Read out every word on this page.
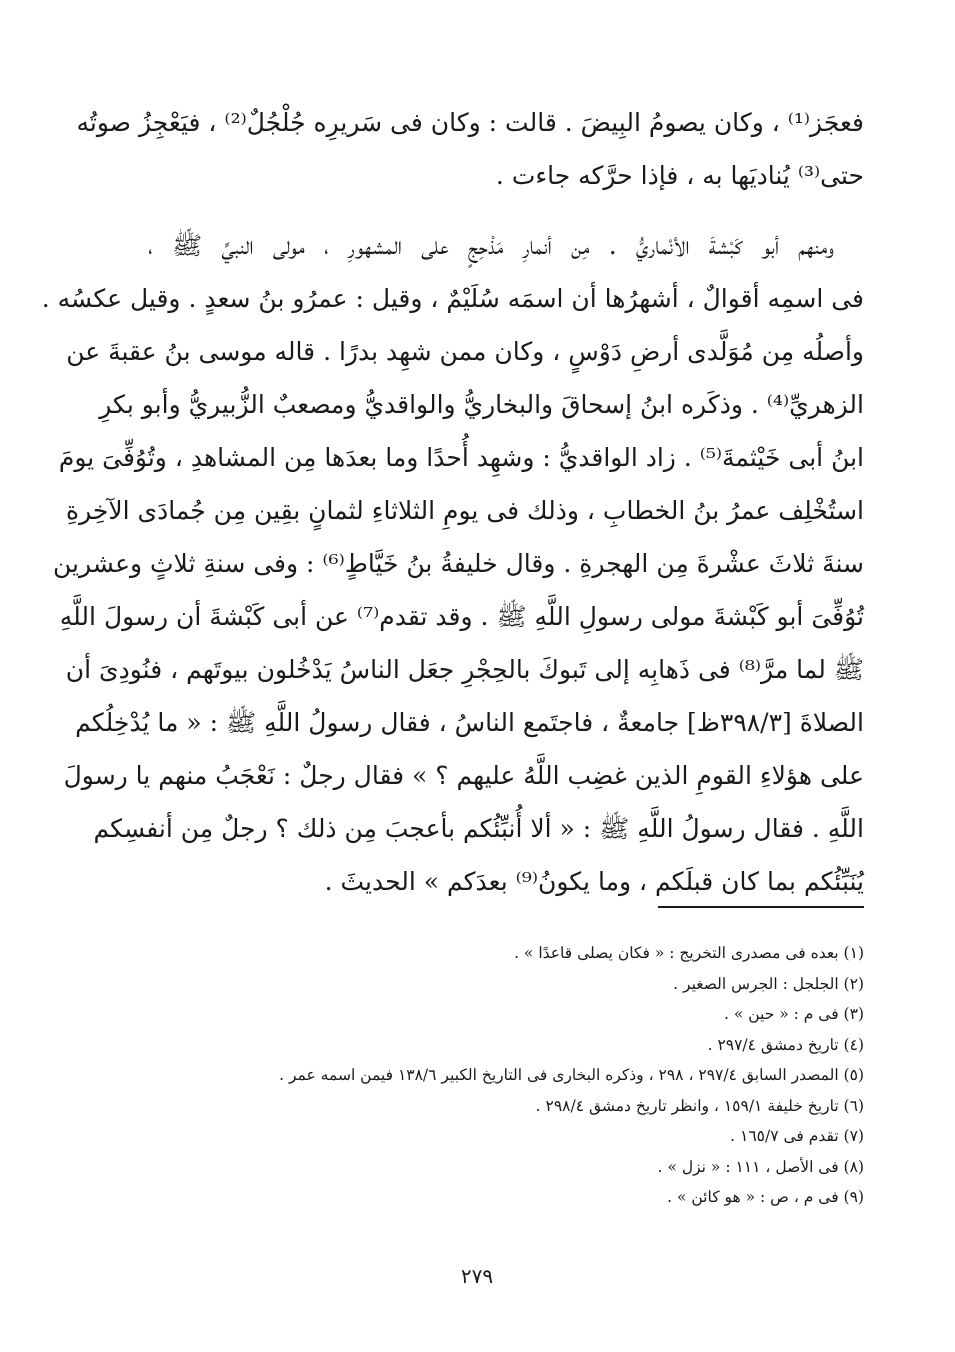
فعجَز⁽¹⁾ ، وكان يصومُ البِيضَ . قالت : وكان فى سَريرِه جُلْجُلٌ⁽²⁾ ، فيَعْجِزُ صوتُه
حتى⁽³⁾ يُناديَها به ، فإذا حرَّكه جاءت .
ومنهم أبو كَبْشةَ الأنْماريُّ . مِن أنمارِ مَذْحِجٍ على المشهورِ ، مولى النبيِّ ﷺ ،
فى اسمِه أقوالٌ ، أشهرُها أن اسمَه سُلَيْمٌ ، وقيل : عمرُو بنُ سعدٍ . وقيل عكسُه .
وأصلُه مِن مُوَلَّدى أرضِ دَوْسٍ ، وكان ممن شهِد بدرًا . قاله موسى بنُ عقبةَ عن
الزهريِّ⁽⁴⁾ . وذكَره ابنُ إسحاقَ والبخاريُّ والواقديُّ ومصعبٌ الزُّبيريُّ وأبو بكرِ
ابنُ أبى خَيْثمةَ⁽⁵⁾ . زاد الواقديُّ : وشهِد أُحدًا وما بعدَها مِن المشاهدِ ، وتُوُفِّىَ يومَ
استُخْلِف عمرُ بنُ الخطابِ ، وذلك فى يومِ الثلاثاءِ لثمانٍ بقِين مِن جُمادَى الآخِرةِ
سنةَ ثلاثَ عشْرةَ مِن الهجرةِ . وقال خليفةُ بنُ خَيَّاطٍ⁽⁶⁾ : وفى سنةِ ثلاثٍ وعشرين
تُوُفِّىَ أبو كَبْشةَ مولى رسولِ اللَّهِ ﷺ . وقد تقدم⁽⁷⁾ عن أبى كَبْشةَ أن رسولَ اللَّهِ
ﷺ لما مرَّ⁽⁸⁾ فى ذَهابِه إلى تَبوكَ بالحِجْرِ جعَل الناسُ يَدْخُلون بيوتَهم ، فنُودِىَ أن
الصلاةَ [٣٩٨/٣ظ] جامعةٌ ، فاجتَمع الناسُ ، فقال رسولُ اللَّهِ ﷺ : « ما يُدْخِلُكم
على هؤلاءِ القومِ الذين غضِب اللَّهُ عليهم ؟ » فقال رجلٌ : نَعْجَبُ منهم يا رسولَ
اللَّهِ . فقال رسولُ اللَّهِ ﷺ : « ألا أُنبِّئُكم بأعجبَ مِن ذلك ؟ رجلٌ مِن أنفسِكم
يُنَبِّئُكم بما كان قبلَكم ، وما يكونُ⁽⁹⁾ بعدَكم » الحديثَ .
(١) بعده فى مصدرى التخريج : « فكان يصلى قاعدًا » .
(٢) الجلجل : الجرس الصغير .
(٣) فى م : « حين » .
(٤) تاريخ دمشق ٢٩٧/٤ .
(٥) المصدر السابق ٢٩٧/٤ ، ٢٩٨ ، وذكره البخارى فى التاريخ الكبير ١٣٨/٦ فيمن اسمه عمر .
(٦) تاريخ خليفة ١٥٩/١ ، وانظر تاريخ دمشق ٢٩٨/٤ .
(٧) تقدم فى ١٦٥/٧ .
(٨) فى الأصل ، ١١١ : « نزل » .
(٩) فى م ، ص : « هو كائن » .
٢٧٩
